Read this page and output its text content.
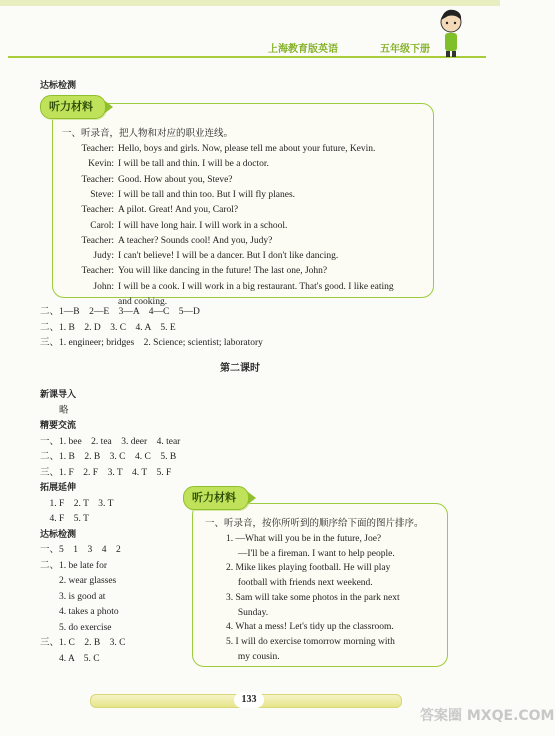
上海教育版英语	五年级下册
达标检测
听力材料
一、听录音，把人物和对应的职业连线。
Teacher: Hello, boys and girls. Now, please tell me about your future, Kevin.
Kevin: I will be tall and thin. I will be a doctor.
Teacher: Good. How about you, Steve?
Steve: I will be tall and thin too. But I will fly planes.
Teacher: A pilot. Great! And you, Carol?
Carol: I will have long hair. I will work in a school.
Teacher: A teacher? Sounds cool! And you, Judy?
Judy: I can't believe! I will be a dancer. But I don't like dancing.
Teacher: You will like dancing in the future! The last one, John?
John: I will be a cook. I will work in a big restaurant. That's good. I like eating
and cooking.
二、1—B　2—E　3—A　4—C　5—D
二、1. B　2. D　3. C　4. A　5. E
三、1. engineer; bridges　2. Science; scientist; laboratory
第二课时
新课导入
　　略
精要交流
一、1. bee　2. tea　3. deer　4. tear
二、1. B　2. B　3. C　4. C　5. B
三、1. F　2. F　3. T　4. T　5. F
拓展延伸
　1. F　2. T　3. T
　4. F　5. T
达标检测
一、5　1　3　4　2
二、1. be late for
　　2. wear glasses
　　3. is good at
　　4. takes a photo
　　5. do exercise
三、1. C　2. B　3. C
　　4. A　5. C
听力材料
一、听录音，按你所听到的顺序给下面的图片排序。
1. —What will you be in the future, Joe?
　 —I'll be a fireman. I want to help people.
2. Mike likes playing football. He will play
　 football with friends next weekend.
3. Sam will take some photos in the park next
　 Sunday.
4. What a mess! Let's tidy up the classroom.
5. I will do exercise tomorrow morning with
　 my cousin.
133
答案圈 MXQE.COM
